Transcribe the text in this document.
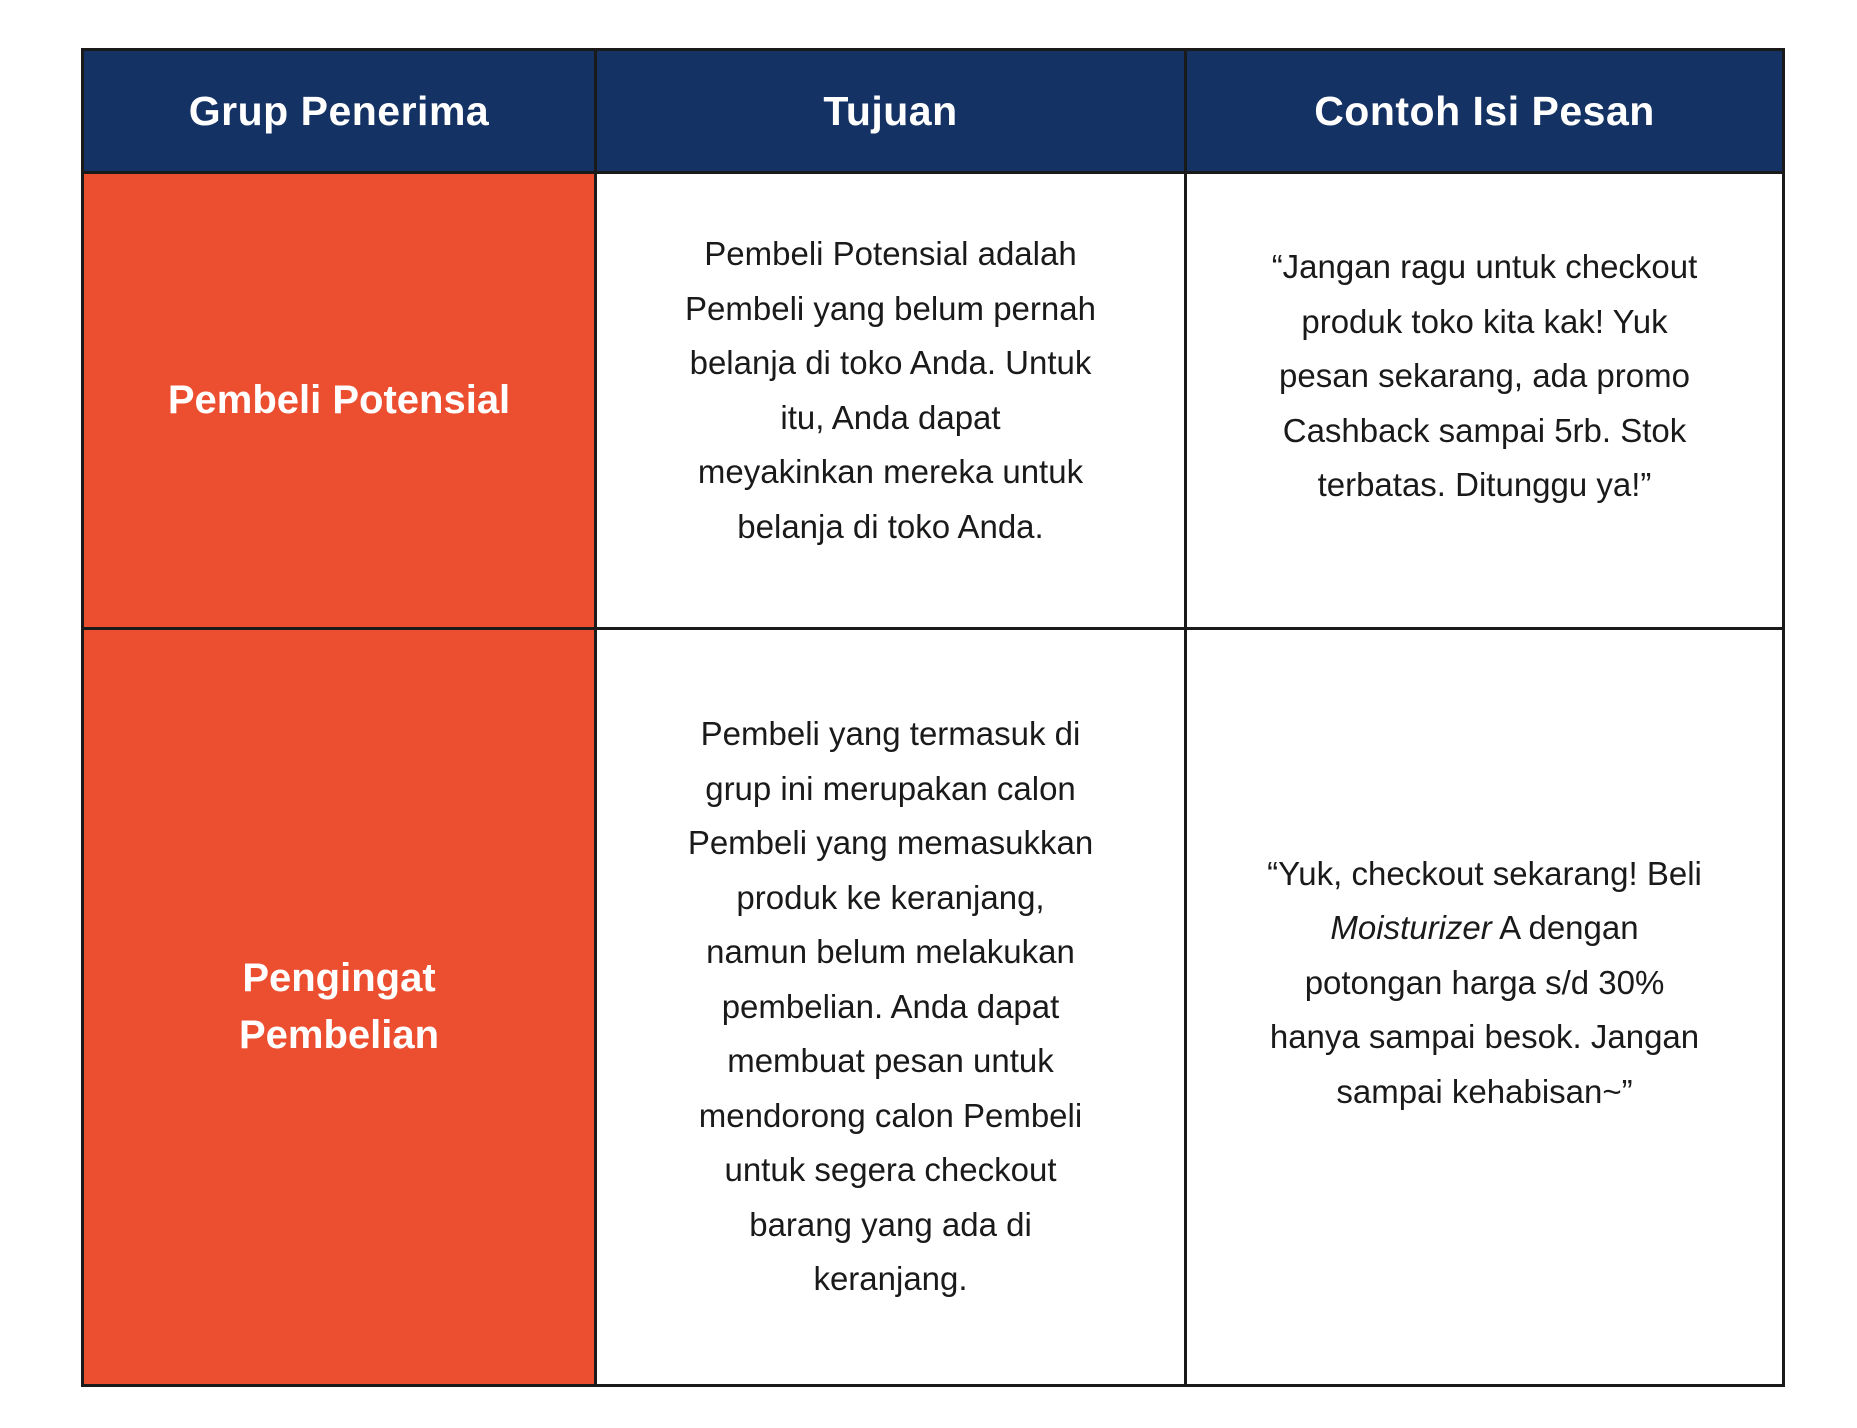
Grup Penerima	Tujuan	Contoh Isi Pesan
Pembeli Potensial
Pembeli Potensial adalah
Pembeli yang belum pernah
belanja di toko Anda. Untuk
itu, Anda dapat
meyakinkan mereka untuk
belanja di toko Anda.
“Jangan ragu untuk checkout
produk toko kita kak! Yuk
pesan sekarang, ada promo
Cashback sampai 5rb. Stok
terbatas. Ditunggu ya!”
Pengingat
Pembelian
Pembeli yang termasuk di
grup ini merupakan calon
Pembeli yang memasukkan
produk ke keranjang,
namun belum melakukan
pembelian. Anda dapat
membuat pesan untuk
mendorong calon Pembeli
untuk segera checkout
barang yang ada di
keranjang.
“Yuk, checkout sekarang! Beli
Moisturizer A dengan
potongan harga s/d 30%
hanya sampai besok. Jangan
sampai kehabisan~”
